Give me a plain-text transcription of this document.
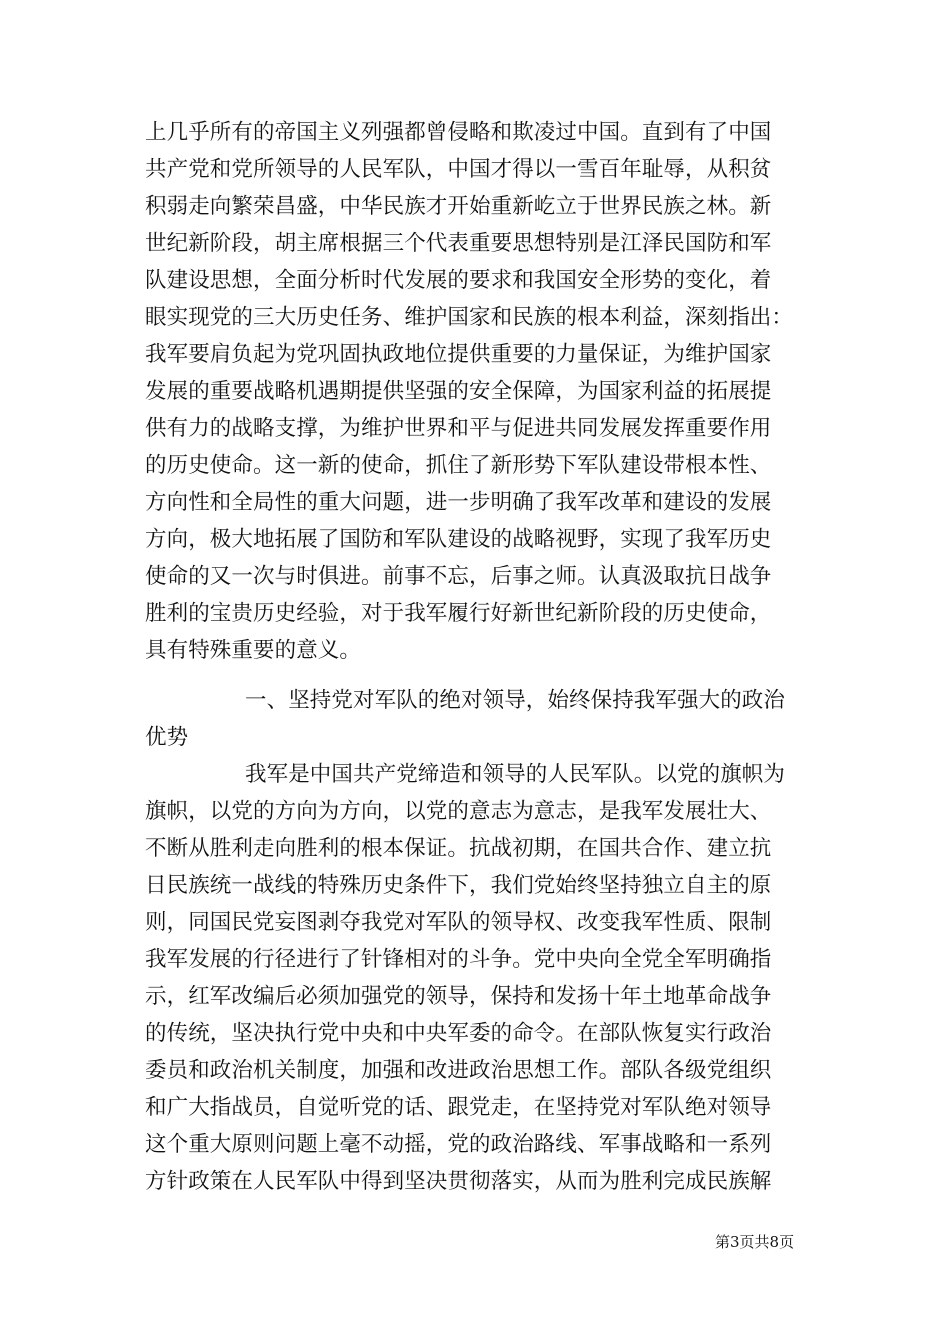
上几乎所有的帝国主义列强都曾侵略和欺凌过中国。直到有了中国
共产党和党所领导的人民军队，中国才得以一雪百年耻辱，从积贫
积弱走向繁荣昌盛，中华民族才开始重新屹立于世界民族之林。新
世纪新阶段，胡主席根据三个代表重要思想特别是江泽民国防和军
队建设思想，全面分析时代发展的要求和我国安全形势的变化，着
眼实现党的三大历史任务、维护国家和民族的根本利益，深刻指出：
我军要肩负起为党巩固执政地位提供重要的力量保证，为维护国家
发展的重要战略机遇期提供坚强的安全保障，为国家利益的拓展提
供有力的战略支撑，为维护世界和平与促进共同发展发挥重要作用
的历史使命。这一新的使命，抓住了新形势下军队建设带根本性、
方向性和全局性的重大问题，进一步明确了我军改革和建设的发展
方向，极大地拓展了国防和军队建设的战略视野，实现了我军历史
使命的又一次与时俱进。前事不忘，后事之师。认真汲取抗日战争
胜利的宝贵历史经验，对于我军履行好新世纪新阶段的历史使命，
具有特殊重要的意义。
一、坚持党对军队的绝对领导，始终保持我军强大的政治
优势
我军是中国共产党缔造和领导的人民军队。以党的旗帜为
旗帜，以党的方向为方向，以党的意志为意志，是我军发展壮大、
不断从胜利走向胜利的根本保证。抗战初期，在国共合作、建立抗
日民族统一战线的特殊历史条件下，我们党始终坚持独立自主的原
则，同国民党妄图剥夺我党对军队的领导权、改变我军性质、限制
我军发展的行径进行了针锋相对的斗争。党中央向全党全军明确指
示，红军改编后必须加强党的领导，保持和发扬十年土地革命战争
的传统，坚决执行党中央和中央军委的命令。在部队恢复实行政治
委员和政治机关制度，加强和改进政治思想工作。部队各级党组织
和广大指战员，自觉听党的话、跟党走，在坚持党对军队绝对领导
这个重大原则问题上毫不动摇，党的政治路线、军事战略和一系列
方针政策在人民军队中得到坚决贯彻落实，从而为胜利完成民族解
第3页共8页
